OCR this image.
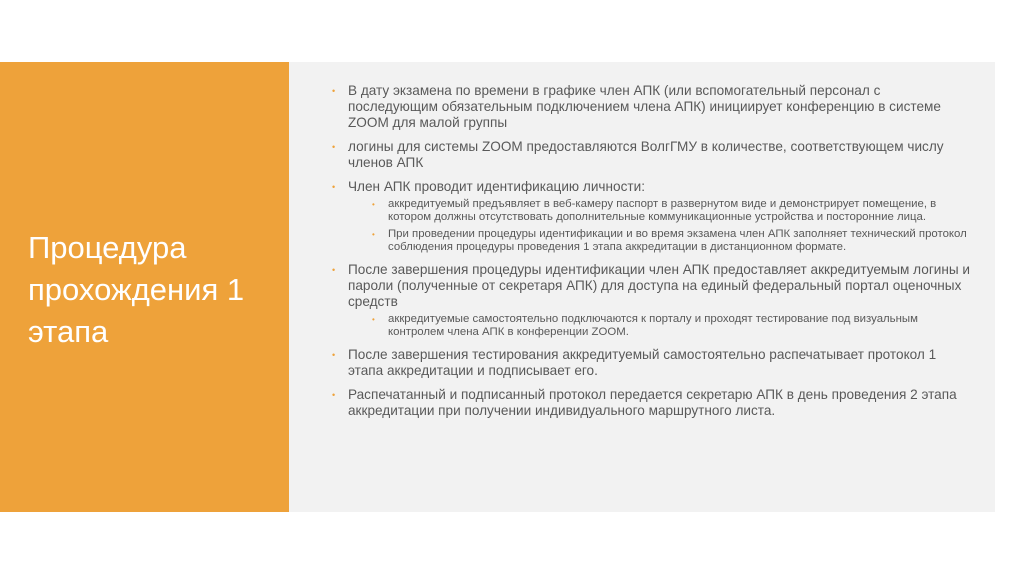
Процедура прохождения 1 этапа
• В дату экзамена по времени в графике член АПК (или вспомогательный персонал с последующим обязательным подключением члена АПК) инициирует конференцию в системе ZOOM для малой группы
• логины для системы ZOOM предоставляются ВолгГМУ в количестве, соответствующем числу членов АПК
• Член АПК проводит идентификацию личности:
• аккредитуемый предъявляет в веб-камеру паспорт в развернутом виде и демонстрирует помещение, в котором должны отсутствовать дополнительные коммуникационные устройства и посторонние лица.
• При проведении процедуры идентификации и во время экзамена член АПК заполняет технический протокол соблюдения процедуры проведения 1 этапа аккредитации в дистанционном формате.
• После завершения процедуры идентификации член АПК предоставляет аккредитуемым логины и пароли (полученные от секретаря АПК) для доступа на единый федеральный портал оценочных средств
• аккредитуемые самостоятельно подключаются к порталу и проходят тестирование под визуальным контролем члена АПК в конференции ZOOM.
• После завершения тестирования аккредитуемый самостоятельно распечатывает протокол 1 этапа аккредитации и подписывает его.
• Распечатанный и подписанный протокол передается секретарю АПК в день проведения 2 этапа аккредитации при получении индивидуального маршрутного листа.
